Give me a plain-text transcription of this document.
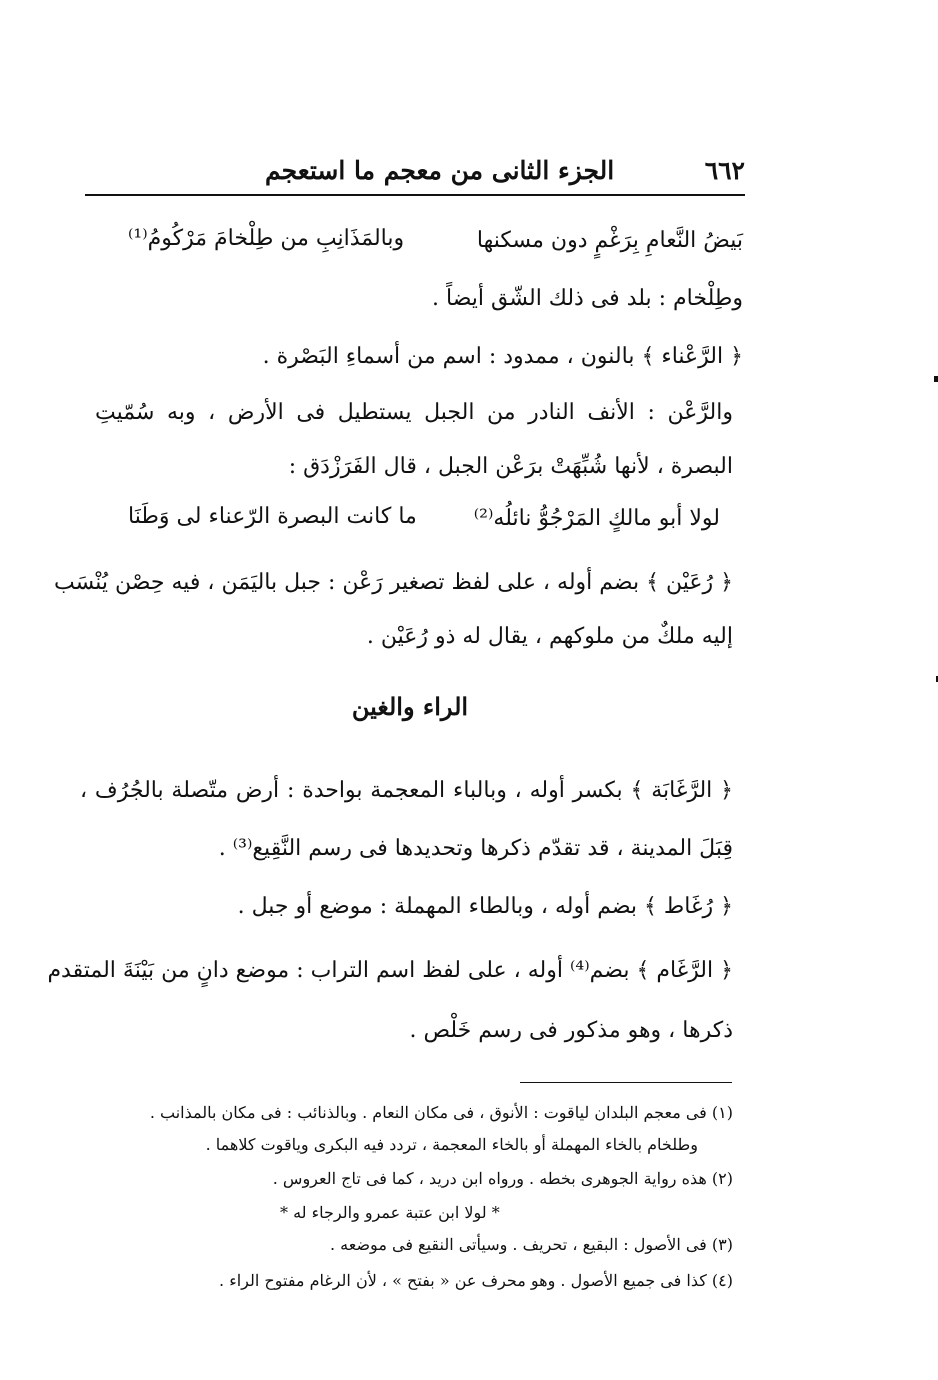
٦٦٢
الجزء الثانى من معجم ما استعجم
بَيضُ النَّعامِ بِرَغْمٍ دون مسكنها
وبالمَذَانِبِ من طِلْخامَ مَرْكُومُ⁽¹⁾
وطِلْخام : بلد فى ذلك الشّق أيضاً .
﴿ الرَّعْناء ﴾ بالنون ، ممدود : اسم من أسماءِ البَصْرة .
والرَّعْن : الأنف النادر من الجبل يستطيل فى الأرض ، وبه سُمّيتِ
البصرة ، لأنها شُبِّهَتْ برَعْن الجبل ، قال الفَرَزْدَق :
لولا أبو مالكٍ المَرْجُوُّ نائلُه⁽²⁾
ما كانت البصرة الرّعناء لى وَطَنَا
﴿ رُعَيْن ﴾ بضم أوله ، على لفظ تصغير رَعْن : جبل باليَمَن ، فيه حِصْن يُنْسَب
إليه ملكٌ من ملوكهم ، يقال له ذو رُعَيْن .
الراء والغين
﴿ الرَّغَابَة ﴾ بكسر أوله ، وبالباء المعجمة بواحدة : أرض متّصلة بالجُرُف ،
قِبَلَ المدينة ، قد تقدّم ذكرها وتحديدها فى رسم النَّقِيع⁽³⁾ .
﴿ رُغَاط ﴾ بضم أوله ، وبالطاء المهملة : موضع أو جبل .
﴿ الرَّغَام ﴾ بضم⁽⁴⁾ أوله ، على لفظ اسم التراب : موضع دانٍ من بَيْنَةَ المتقدم
ذكرها ، وهو مذكور فى رسم خَلْص .
(١) فى معجم البلدان لياقوت : الأنوق ، فى مكان النعام . وبالذنائب : فى مكان بالمذانب .
وطلخام بالخاء المهملة أو بالخاء المعجمة ، تردد فيه البكرى وياقوت كلاهما .
(٢) هذه رواية الجوهرى بخطه . ورواه ابن دريد ، كما فى تاج العروس .
* لولا ابن عتبة عمرو والرجاء له *
(٣) فى الأصول : البقيع ، تحريف . وسيأتى النقيع فى موضعه .
(٤) كذا فى جميع الأصول . وهو محرف عن « بفتح » ، لأن الرغام مفتوح الراء .
